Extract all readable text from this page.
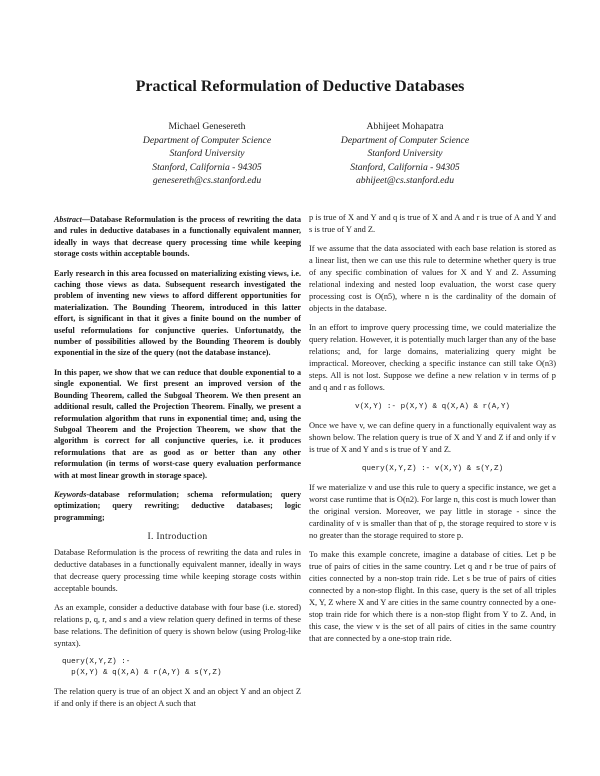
Practical Reformulation of Deductive Databases
Michael Genesereth
Department of Computer Science
Stanford University
Stanford, California - 94305
genesereth@cs.stanford.edu
Abhijeet Mohapatra
Department of Computer Science
Stanford University
Stanford, California - 94305
abhijeet@cs.stanford.edu

Abstract—Database Reformulation is the process of rewriting the data and rules in deductive databases in a functionally equivalent manner, ideally in ways that decrease query processing time while keeping storage costs within acceptable bounds.

Early research in this area focussed on materializing existing views, i.e. caching those views as data. Subsequent research investigated the problem of inventing new views to afford different opportunities for materialization. The Bounding Theorem, introduced in this latter effort, is significant in that it gives a finite bound on the number of useful reformulations for conjunctive queries. Unfortunatdy, the number of possibilities allowed by the Bounding Theorem is doubly exponential in the size of the query (not the database instance).

In this paper, we show that we can reduce that double exponential to a single exponential. We first present an improved version of the Bounding Theorem, called the Subgoal Theorem. We then present an additional result, called the Projection Theorem. Finally, we present a reformulation algorithm that runs in exponential time; and, using the Subgoal Theorem and the Projection Theorem, we show that the algorithm is correct for all conjunctive queries, i.e. it produces reformulations that are as good as or better than any other reformulation (in terms of worst-case query evaluation performance with at most linear growth in storage space).

Keywords-database reformulation; schema reformulation; query optimization; query rewriting; deductive databases; logic programming;

I. Introduction

Database Reformulation is the process of rewriting the data and rules in deductive databases in a functionally equivalent manner, ideally in ways that decrease query processing time while keeping storage costs within acceptable bounds.

As an example, consider a deductive database with four base (i.e. stored) relations p, q, r, and s and a view relation query defined in terms of these base relations. The definition of query is shown below (using Prolog-like syntax).

query(X,Y,Z) :-
p(X,Y) & q(X,A) & r(A,Y) & s(Y,Z)

The relation query is true of an object X and an object Y and an object Z if and only if there is an object A such that

p is true of X and Y and q is true of X and A and r is true of A and Y and s is true of Y and Z.

If we assume that the data associated with each base relation is stored as a linear list, then we can use this rule to determine whether query is true of any specific combination of values for X and Y and Z. Assuming relational indexing and nested loop evaluation, the worst case query processing cost is O(n5), where n is the cardinality of the domain of objects in the database.

In an effort to improve query processing time, we could materialize the query relation. However, it is potentially much larger than any of the base relations; and, for large domains, materializing query might be impractical. Moreover, checking a specific instance can still take O(n3) steps. All is not lost. Suppose we define a new relation v in terms of p and q and r as follows.

v(X,Y) :- p(X,Y) & q(X,A) & r(A,Y)

Once we have v, we can define query in a functionally equivalent way as shown below. The relation query is true of X and Y and Z if and only if v is true of X and Y and s is true of Y and Z.

query(X,Y,Z) :- v(X,Y) & s(Y,Z)

If we materialize v and use this rule to query a specific instance, we get a worst case runtime that is O(n2). For large n, this cost is much lower than the original version. Moreover, we pay little in storage - since the cardinality of v is smaller than that of p, the storage required to store v is no greater than the storage required to store p.

To make this example concrete, imagine a database of cities. Let p be true of pairs of cities in the same country. Let q and r be true of pairs of cities connected by a non-stop train ride. Let s be true of pairs of cities connected by a non-stop flight. In this case, query is the set of all triples X, Y, Z where X and Y are cities in the same country connected by a one-stop train ride for which there is a non-stop flight from Y to Z. And, in this case, the view v is the set of all pairs of cities in the same country that are connected by a one-stop train ride.
